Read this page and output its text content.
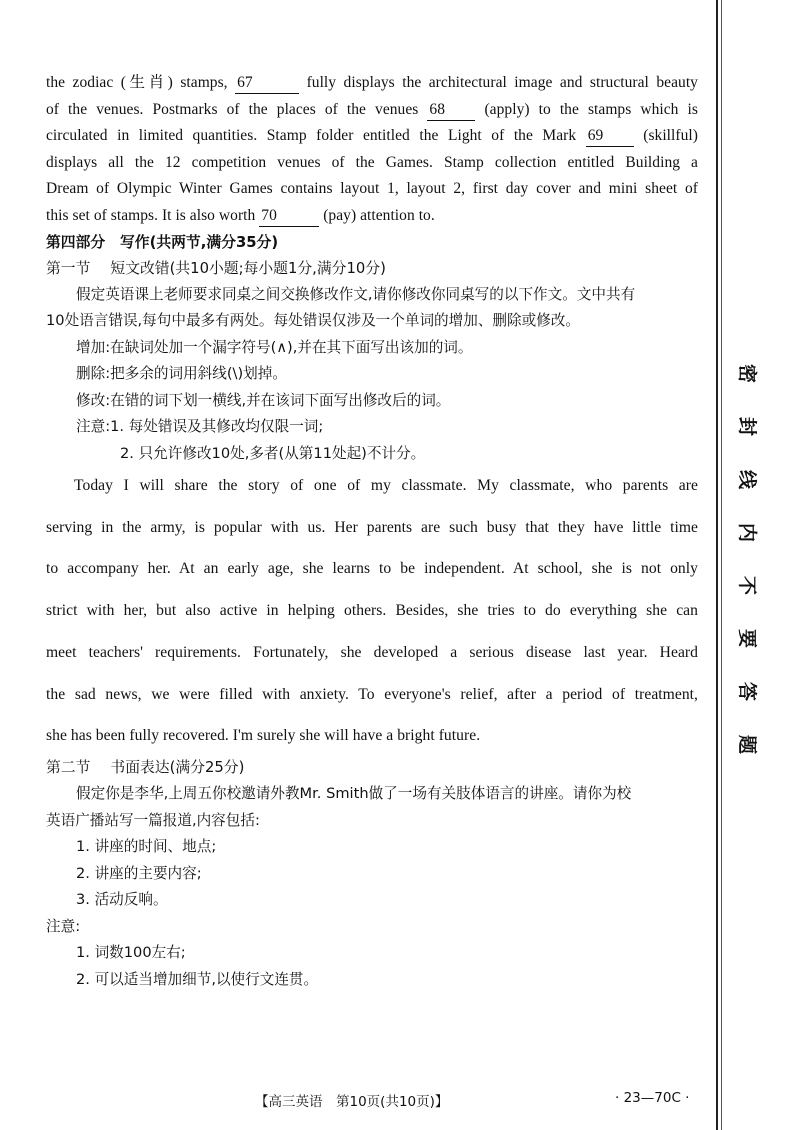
密
封
线
内
不
要
答
题
the zodiac (生肖) stamps, 67	fully displays the architectural image and structural beauty
of the venues. Postmarks of the places of the venues 68	(apply) to the stamps which is
circulated in limited quantities. Stamp folder entitled the Light of the Mark 69	(skillful)
displays all the 12 competition venues of the Games. Stamp collection entitled Building a
Dream of Olympic Winter Games contains layout 1, layout 2, first day cover and mini sheet of
this set of stamps. It is also worth 70	(pay) attention to.
第四部分　写作(共两节,满分35分)
第一节 短文改错(共10小题;每小题1分,满分10分)
假定英语课上老师要求同桌之间交换修改作文,请你修改你同桌写的以下作文。文中共有
10处语言错误,每句中最多有两处。每处错误仅涉及一个单词的增加、删除或修改。
增加:在缺词处加一个漏字符号(∧),并在其下面写出该加的词。
删除:把多余的词用斜线(\)划掉。
修改:在错的词下划一横线,并在该词下面写出修改后的词。
注意:1. 每处错误及其修改均仅限一词;
2. 只允许修改10处,多者(从第11处起)不计分。
Today I will share the story of one of my classmate. My classmate, who parents are
serving in the army, is popular with us. Her parents are such busy that they have little time
to accompany her. At an early age, she learns to be independent. At school, she is not only
strict with her, but also active in helping others. Besides, she tries to do everything she can
meet teachers' requirements. Fortunately, she developed a serious disease last year. Heard
the sad news, we were filled with anxiety. To everyone's relief, after a period of treatment,
she has been fully recovered. I'm surely she will have a bright future.
第二节 书面表达(满分25分)
假定你是李华,上周五你校邀请外教Mr. Smith做了一场有关肢体语言的讲座。请你为校
英语广播站写一篇报道,内容包括:
1. 讲座的时间、地点;
2. 讲座的主要内容;
3. 活动反响。
注意:
1. 词数100左右;
2. 可以适当增加细节,以使行文连贯。
【高三英语　第10页(共10页)】	· 23—70C ·
